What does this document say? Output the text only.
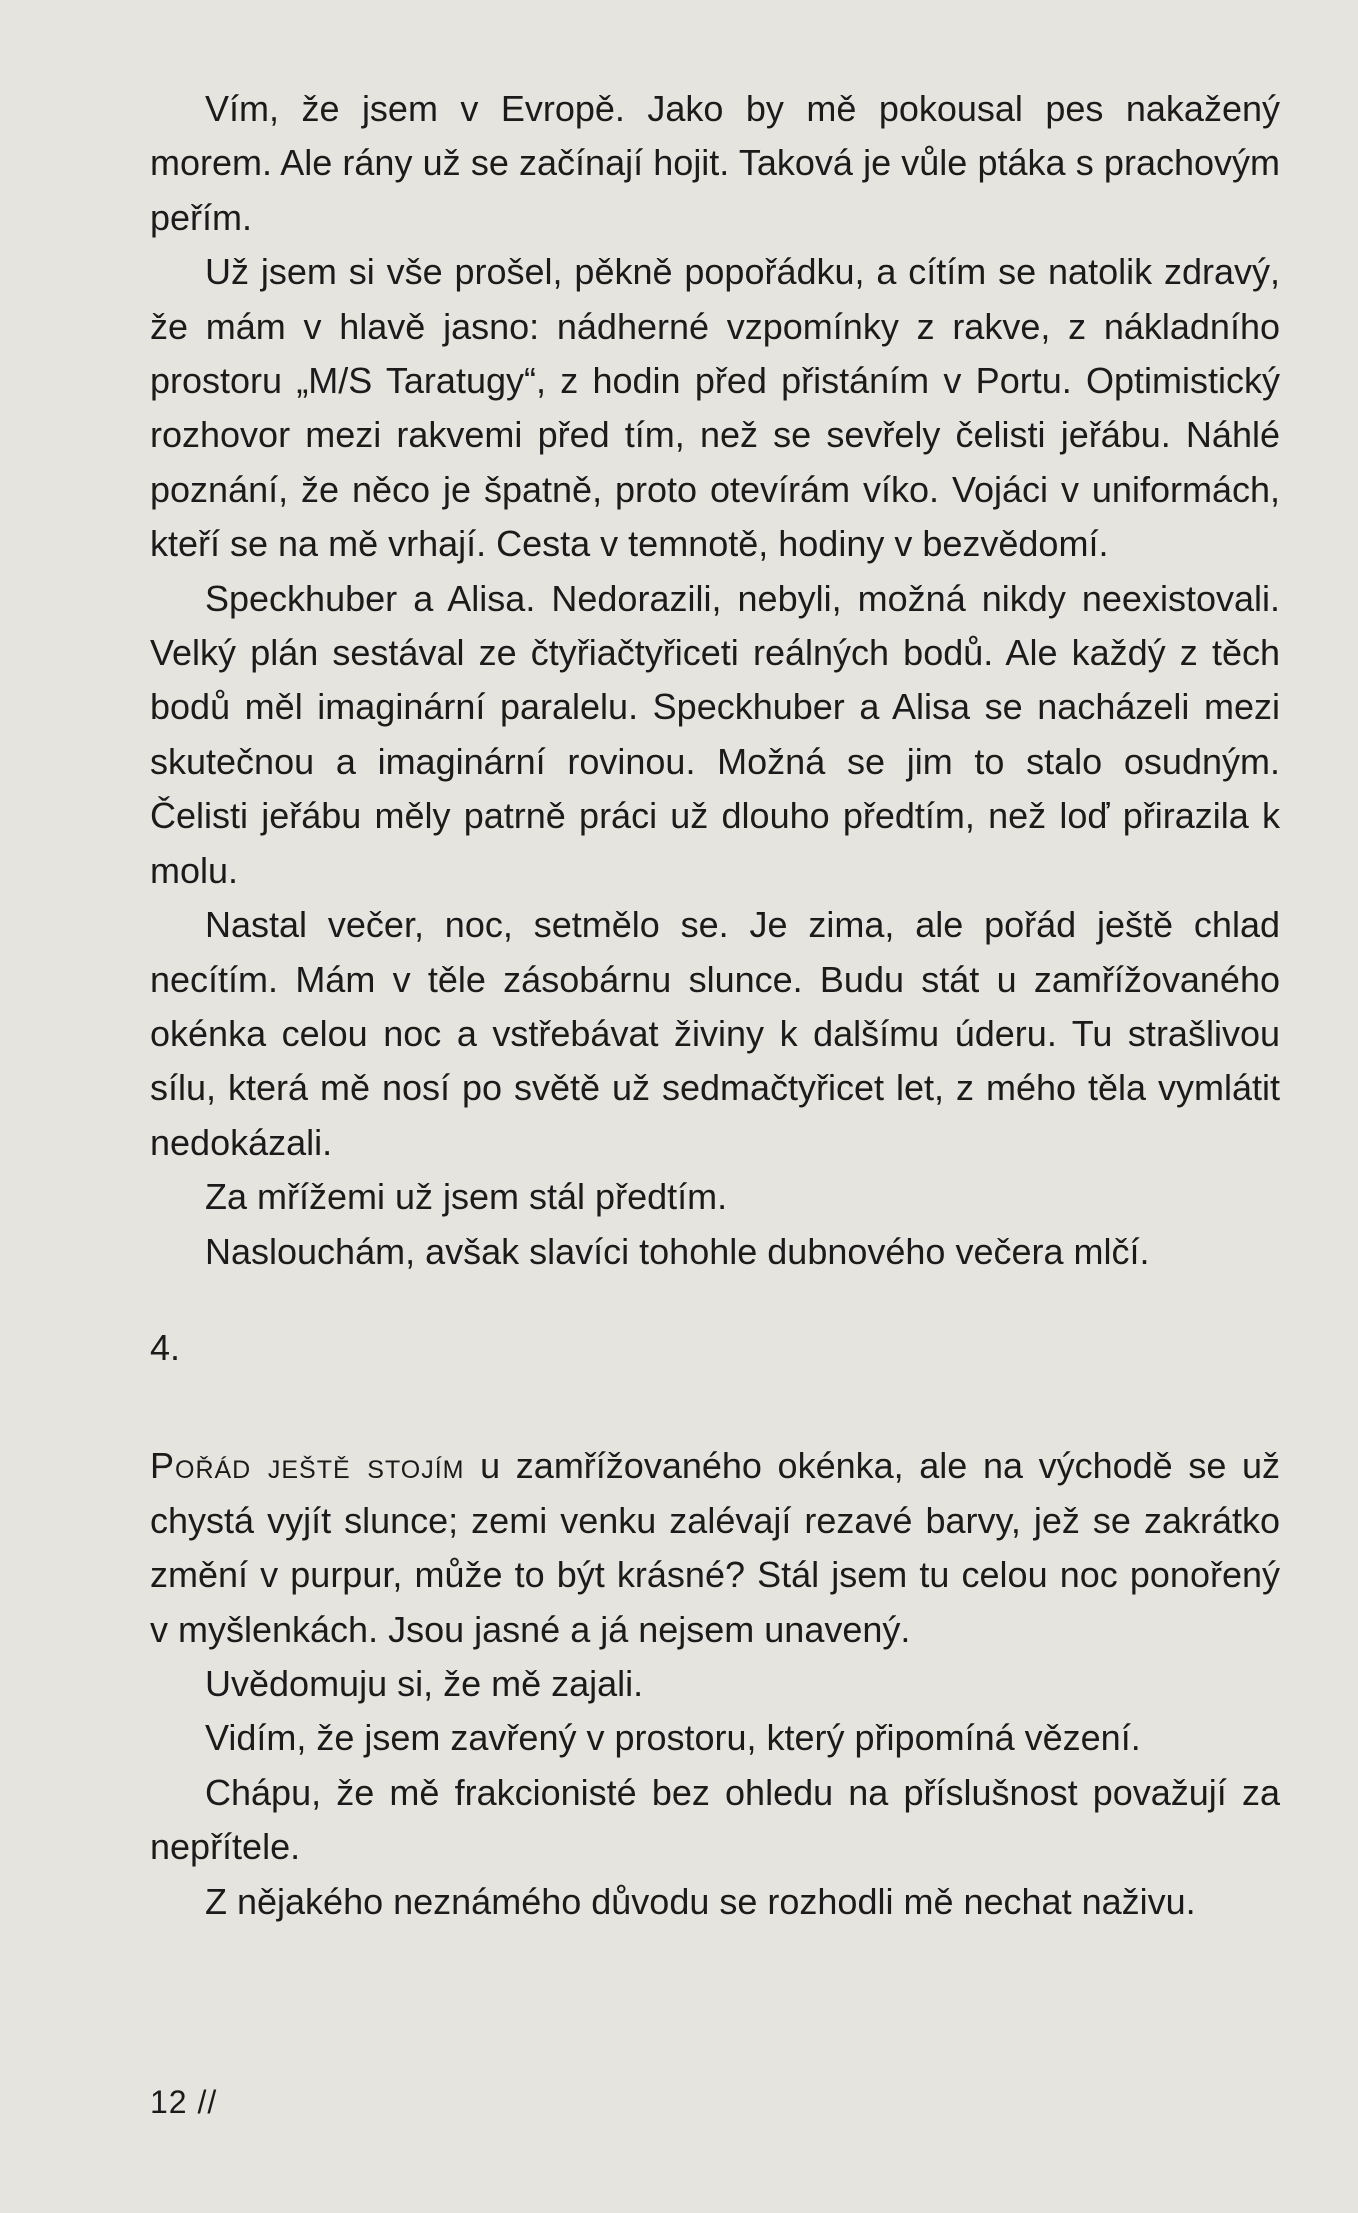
Vím, že jsem v Evropě. Jako by mě pokousal pes nakažený morem. Ale rány už se začínají hojit. Taková je vůle ptáka s prachovým peřím.

Už jsem si vše prošel, pěkně popořádku, a cítím se natolik zdravý, že mám v hlavě jasno: nádherné vzpomínky z rakve, z nákladního prostoru „M/S Taratugy“, z hodin před přistáním v Portu. Optimistický rozhovor mezi rakvemi před tím, než se sevřely čelisti jeřábu. Náhlé poznání, že něco je špatně, proto otevírám víko. Vojáci v uniformách, kteří se na mě vrhají. Cesta v temnotě, hodiny v bezvědomí.

Speckhuber a Alisa. Nedorazili, nebyli, možná nikdy neexistovali. Velký plán sestával ze čtyřiačtyřiceti reálných bodů. Ale každý z těch bodů měl imaginární paralelu. Speckhuber a Alisa se nacházeli mezi skutečnou a imaginární rovinou. Možná se jim to stalo osudným. Čelisti jeřábu měly patrně práci už dlouho předtím, než loď přirazila k molu.

Nastal večer, noc, setmělo se. Je zima, ale pořád ještě chlad necítím. Mám v těle zásobárnu slunce. Budu stát u zamřížovaného okénka celou noc a vstřebávat živiny k dalšímu úderu. Tu strašlivou sílu, která mě nosí po světě už sedmačtyřicet let, z mého těla vymlátit nedokázali.

Za mřížemi už jsem stál předtím.

Naslouchám, avšak slavíci tohohle dubnového večera mlčí.

4.

Pořád ještě stojím u zamřížovaného okénka, ale na východě se už chystá vyjít slunce; zemi venku zalévají rezavé barvy, jež se zakrátko změní v purpur, může to být krásné? Stál jsem tu celou noc ponořený v myšlenkách. Jsou jasné a já nejsem unavený.

Uvědomuju si, že mě zajali.

Vidím, že jsem zavřený v prostoru, který připomíná vězení.

Chápu, že mě frakcionisté bez ohledu na příslušnost považují za nepřítele.

Z nějakého neznámého důvodu se rozhodli mě nechat naživu.

12 //
